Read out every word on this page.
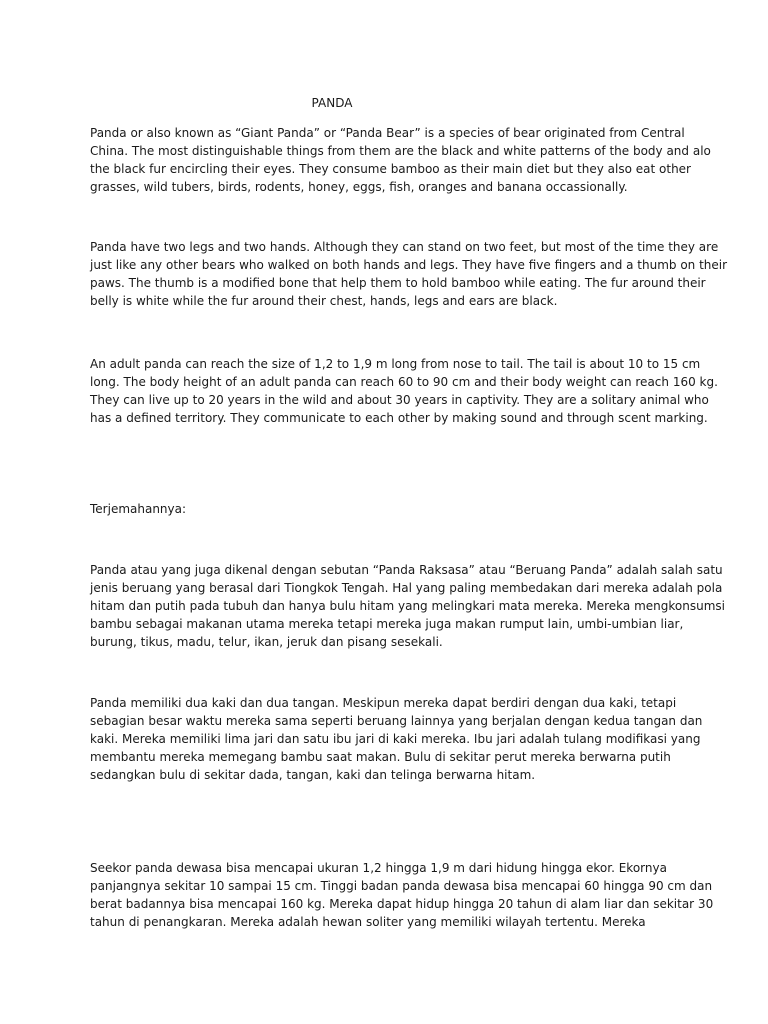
PANDA

Panda or also known as “Giant Panda” or “Panda Bear” is a species of bear originated from Central
China. The most distinguishable things from them are the black and white patterns of the body and alo
the black fur encircling their eyes. They consume bamboo as their main diet but they also eat other
grasses, wild tubers, birds, rodents, honey, eggs, fish, oranges and banana occassionally.

Panda have two legs and two hands. Although they can stand on two feet, but most of the time they are
just like any other bears who walked on both hands and legs. They have five fingers and a thumb on their
paws. The thumb is a modified bone that help them to hold bamboo while eating. The fur around their
belly is white while the fur around their chest, hands, legs and ears are black.

An adult panda can reach the size of 1,2 to 1,9 m long from nose to tail. The tail is about 10 to 15 cm
long. The body height of an adult panda can reach 60 to 90 cm and their body weight can reach 160 kg.
They can live up to 20 years in the wild and about 30 years in captivity. They are a solitary animal who
has a defined territory. They communicate to each other by making sound and through scent marking.

Terjemahannya:

Panda atau yang juga dikenal dengan sebutan “Panda Raksasa” atau “Beruang Panda” adalah salah satu
jenis beruang yang berasal dari Tiongkok Tengah. Hal yang paling membedakan dari mereka adalah pola
hitam dan putih pada tubuh dan hanya bulu hitam yang melingkari mata mereka. Mereka mengkonsumsi
bambu sebagai makanan utama mereka tetapi mereka juga makan rumput lain, umbi-umbian liar,
burung, tikus, madu, telur, ikan, jeruk dan pisang sesekali.

Panda memiliki dua kaki dan dua tangan. Meskipun mereka dapat berdiri dengan dua kaki, tetapi
sebagian besar waktu mereka sama seperti beruang lainnya yang berjalan dengan kedua tangan dan
kaki. Mereka memiliki lima jari dan satu ibu jari di kaki mereka. Ibu jari adalah tulang modifikasi yang
membantu mereka memegang bambu saat makan. Bulu di sekitar perut mereka berwarna putih
sedangkan bulu di sekitar dada, tangan, kaki dan telinga berwarna hitam.

Seekor panda dewasa bisa mencapai ukuran 1,2 hingga 1,9 m dari hidung hingga ekor. Ekornya
panjangnya sekitar 10 sampai 15 cm. Tinggi badan panda dewasa bisa mencapai 60 hingga 90 cm dan
berat badannya bisa mencapai 160 kg. Mereka dapat hidup hingga 20 tahun di alam liar dan sekitar 30
tahun di penangkaran. Mereka adalah hewan soliter yang memiliki wilayah tertentu. Mereka
